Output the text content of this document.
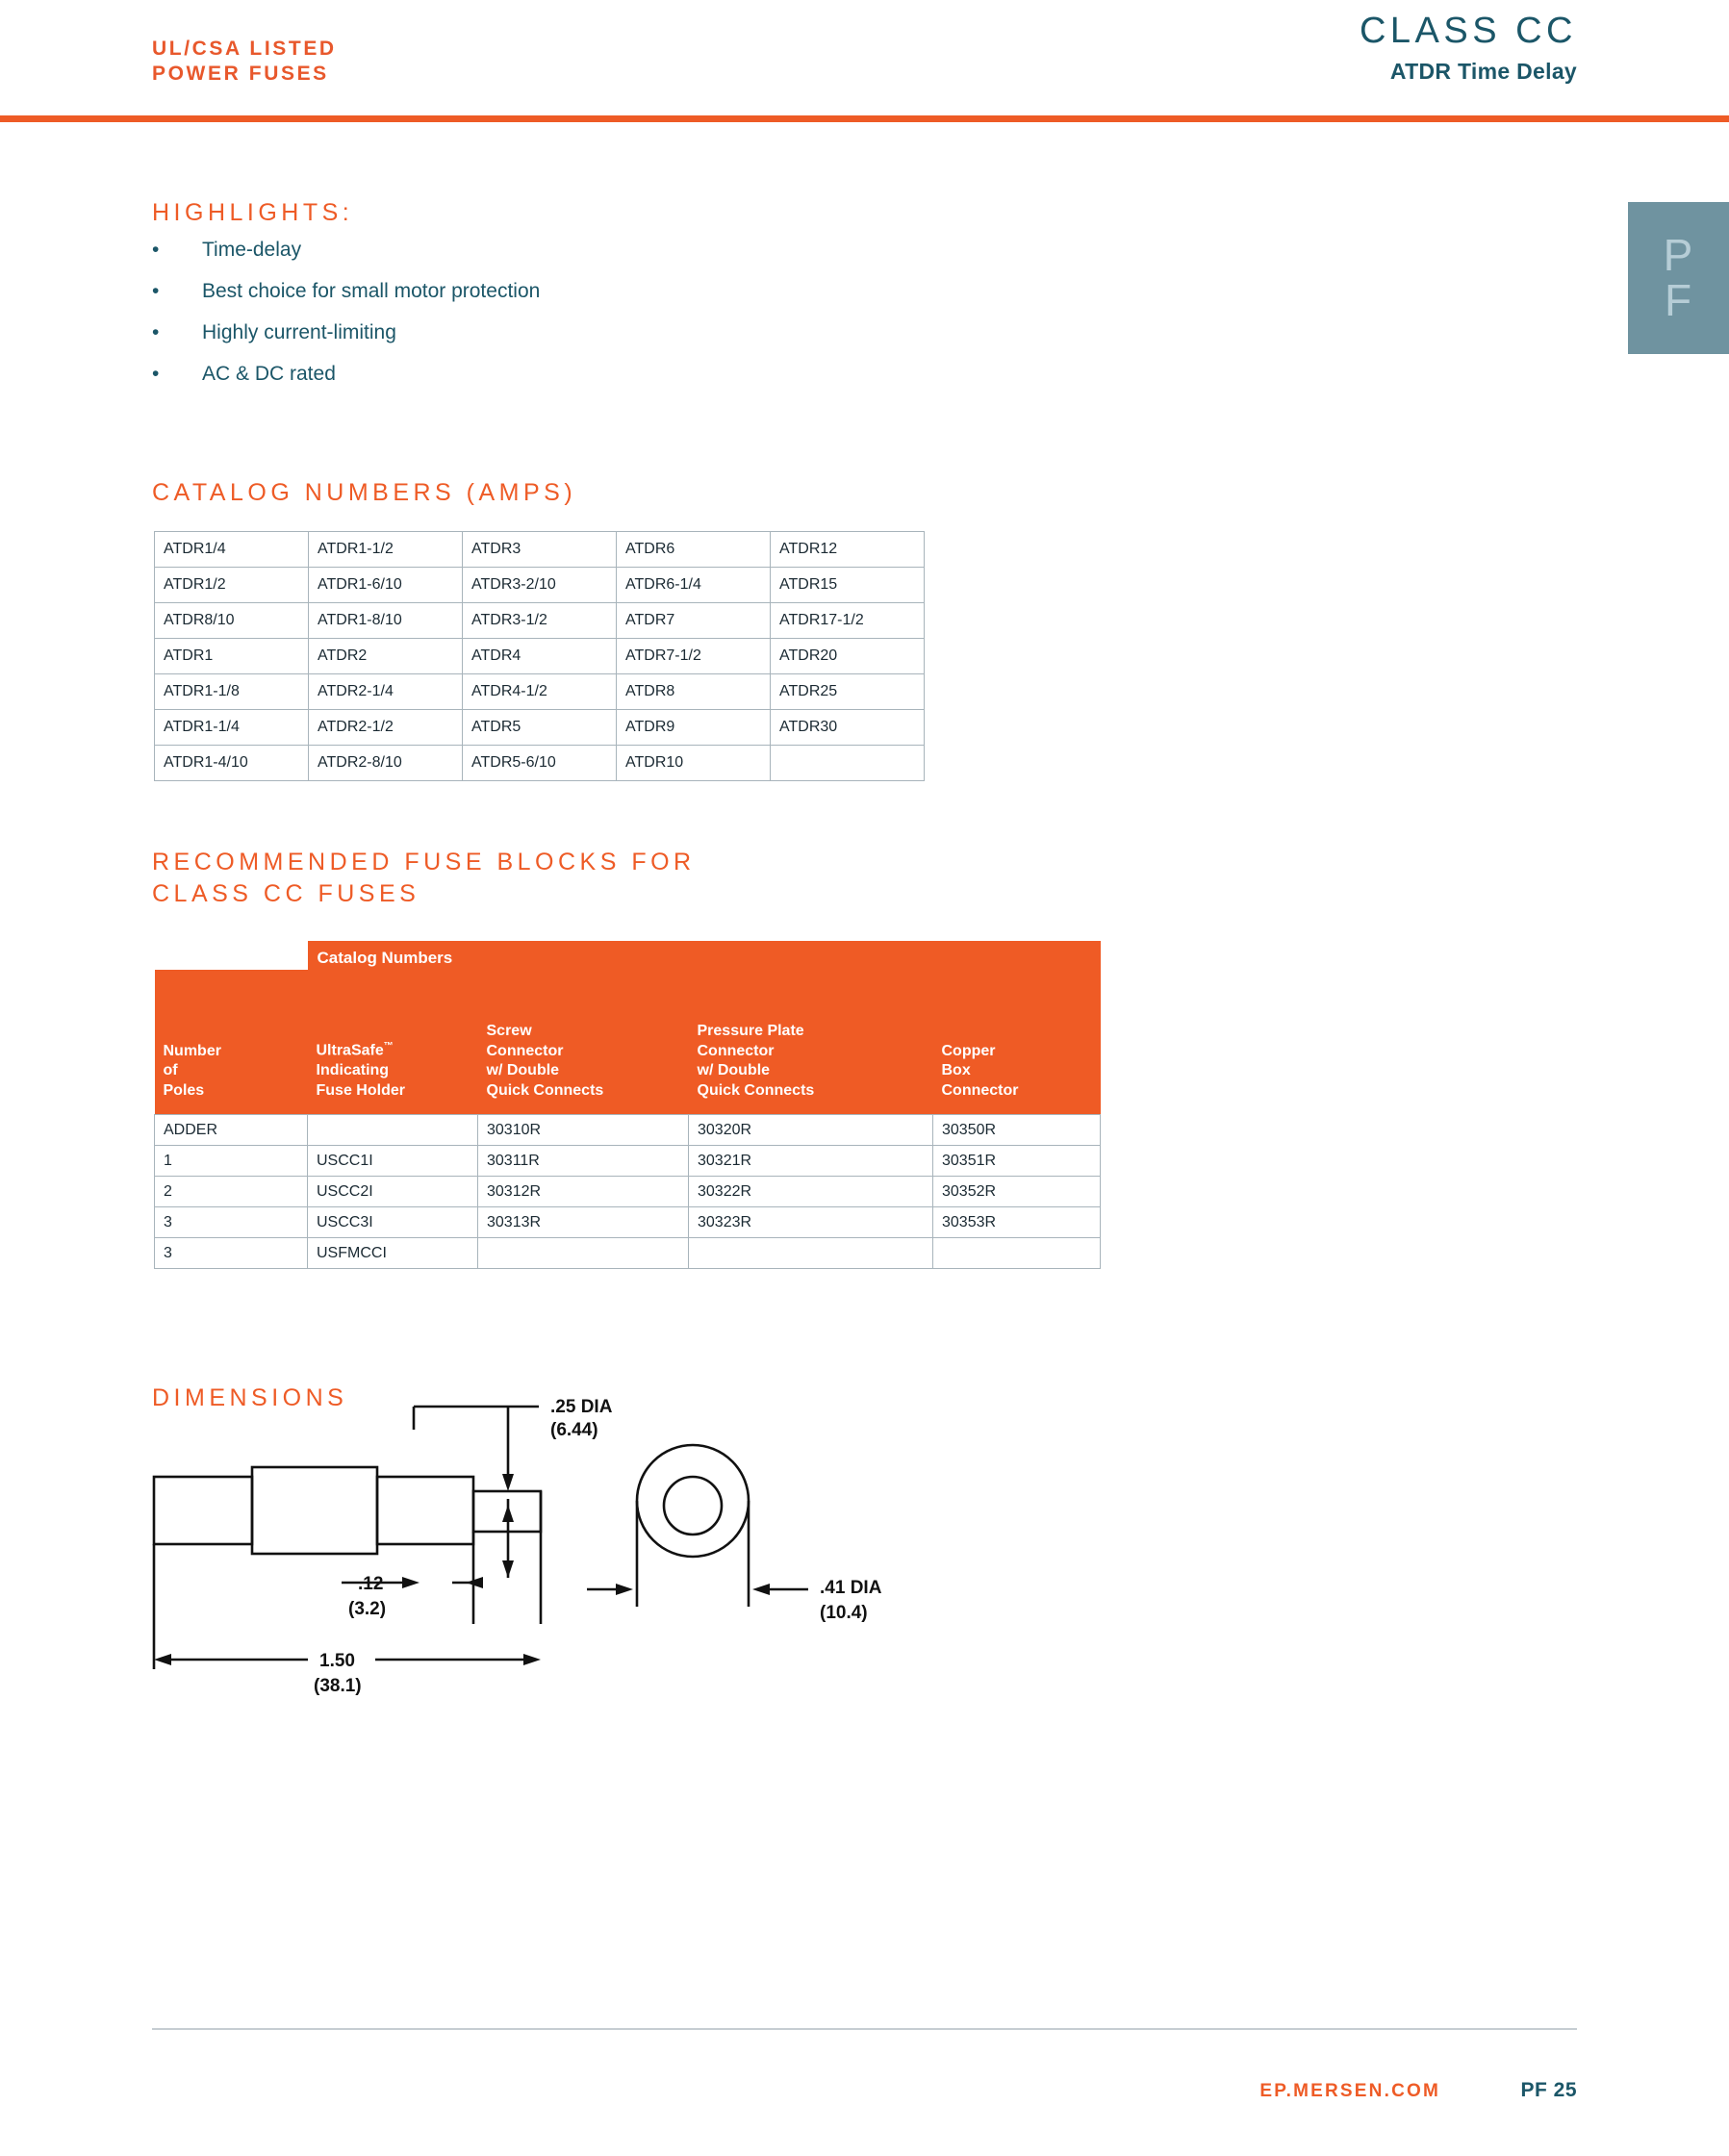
UL/CSA LISTED
POWER FUSES
CLASS CC
ATDR Time Delay
P
F
HIGHLIGHTS:
•	Time-delay
•	Best choice for small motor protection
•	Highly current-limiting
•	AC & DC rated
CATALOG NUMBERS (AMPS)
ATDR1/4	ATDR1-1/2	ATDR3	ATDR6	ATDR12
ATDR1/2	ATDR1-6/10	ATDR3-2/10	ATDR6-1/4	ATDR15
ATDR8/10	ATDR1-8/10	ATDR3-1/2	ATDR7	ATDR17-1/2
ATDR1	ATDR2	ATDR4	ATDR7-1/2	ATDR20
ATDR1-1/8	ATDR2-1/4	ATDR4-1/2	ATDR8	ATDR25
ATDR1-1/4	ATDR2-1/2	ATDR5	ATDR9	ATDR30
ATDR1-4/10	ATDR2-8/10	ATDR5-6/10	ATDR10	
RECOMMENDED FUSE BLOCKS FOR
CLASS CC FUSES
	Catalog Numbers			

Number
of
Poles

UltraSafe™
Indicating
Fuse Holder

Screw
Connector
w/ Double
Quick Connects

Pressure Plate
Connector
w/ Double
Quick Connects

Copper
Box
Connector

ADDER		30310R	30320R	30350R
1	USCC1I	30311R	30321R	30351R
2	USCC2I	30312R	30322R	30352R
3	USCC3I	30313R	30323R	30353R
3	USFMCCI			
DIMENSIONS	.25 DIA
(6.44)
.12
(3.2)
1.50
(38.1)
.41 DIA
(10.4)
EP.MERSEN.COM	PF 25
